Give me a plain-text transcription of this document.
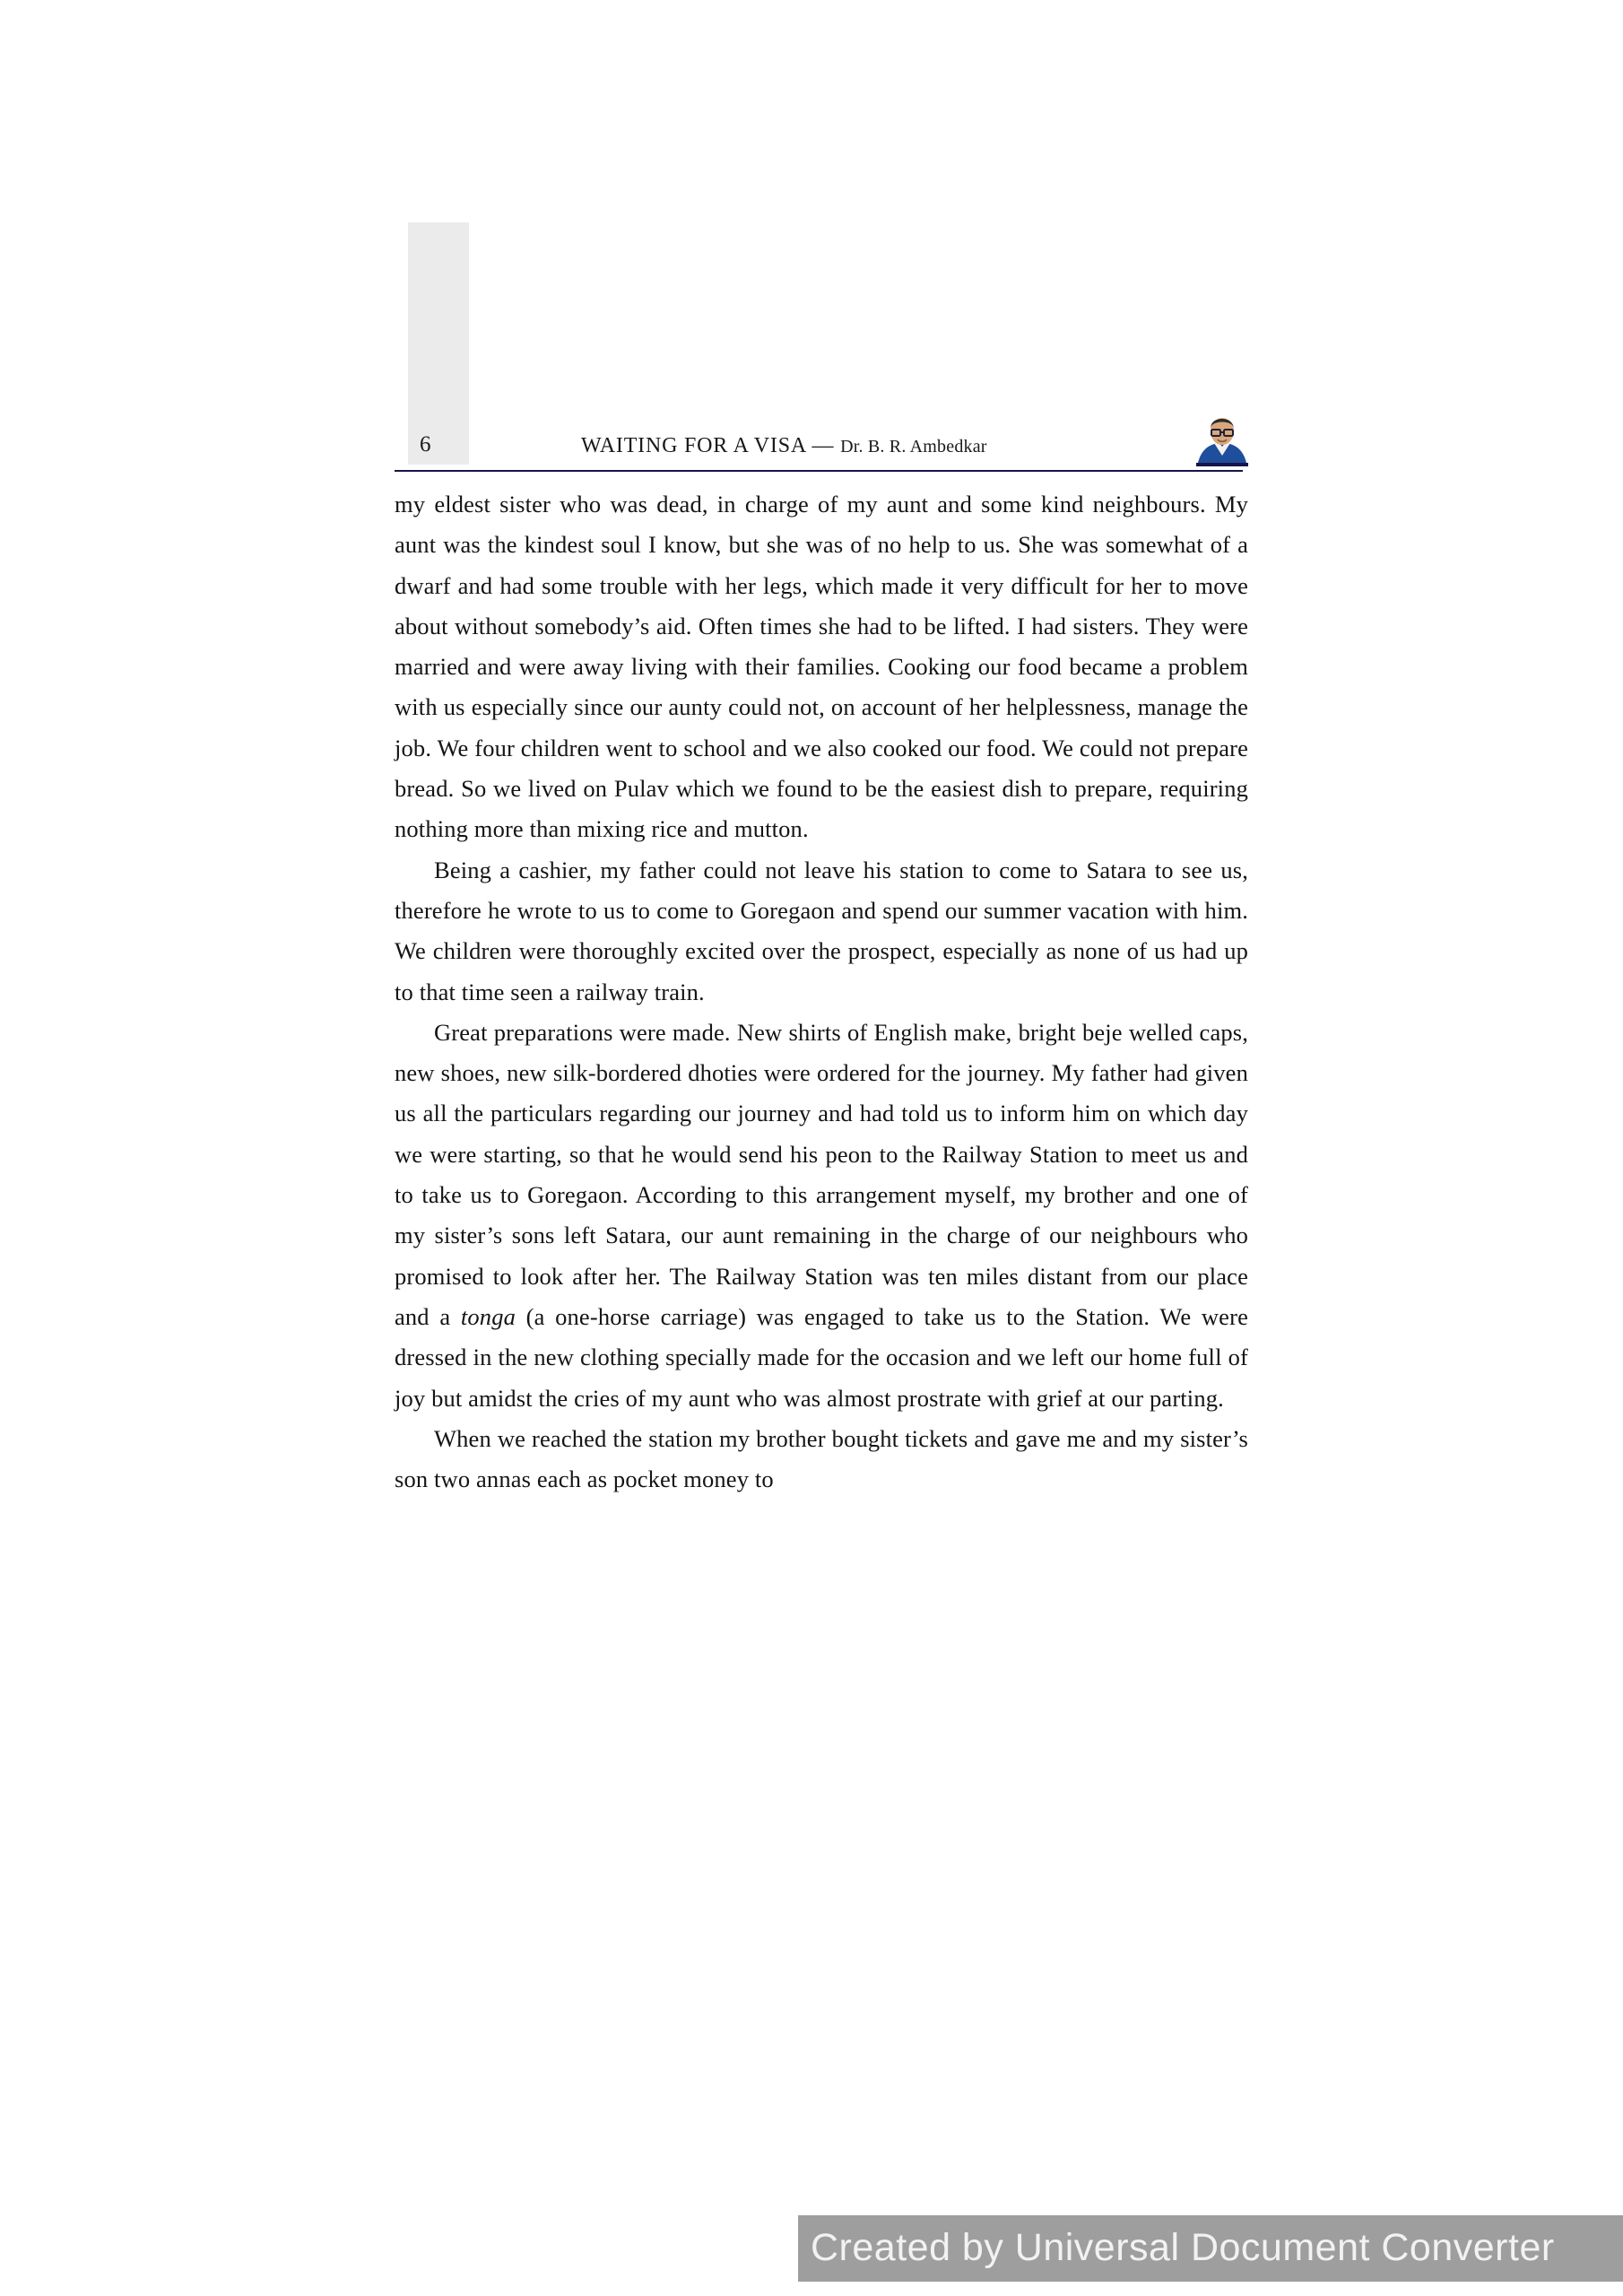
6	WAITING FOR A VISA — Dr. B. R. Ambedkar

my eldest sister who was dead, in charge of my aunt and some kind neighbours. My aunt was the kindest soul I know, but she was of no help to us. She was somewhat of a dwarf and had some trouble with her legs, which made it very difficult for her to move about without somebody’s aid. Often times she had to be lifted. I had sisters. They were married and were away living with their families. Cooking our food became a problem with us especially since our aunty could not, on account of her helplessness, manage the job. We four children went to school and we also cooked our food. We could not prepare bread. So we lived on Pulav which we found to be the easiest dish to prepare, requiring nothing more than mixing rice and mutton.

Being a cashier, my father could not leave his station to come to Satara to see us, therefore he wrote to us to come to Goregaon and spend our summer vacation with him. We children were thoroughly excited over the prospect, especially as none of us had up to that time seen a railway train.

Great preparations were made. New shirts of English make, bright beje welled caps, new shoes, new silk-bordered dhoties were ordered for the journey. My father had given us all the particulars regarding our journey and had told us to inform him on which day we were starting, so that he would send his peon to the Railway Station to meet us and to take us to Goregaon. According to this arrangement myself, my brother and one of my sister’s sons left Satara, our aunt remaining in the charge of our neighbours who promised to look after her. The Railway Station was ten miles distant from our place and a tonga (a one-horse carriage) was engaged to take us to the Station. We were dressed in the new clothing specially made for the occasion and we left our home full of joy but amidst the cries of my aunt who was almost prostrate with grief at our parting.

When we reached the station my brother bought tickets and gave me and my sister’s son two annas each as pocket money to

Created by Universal Document Converter
